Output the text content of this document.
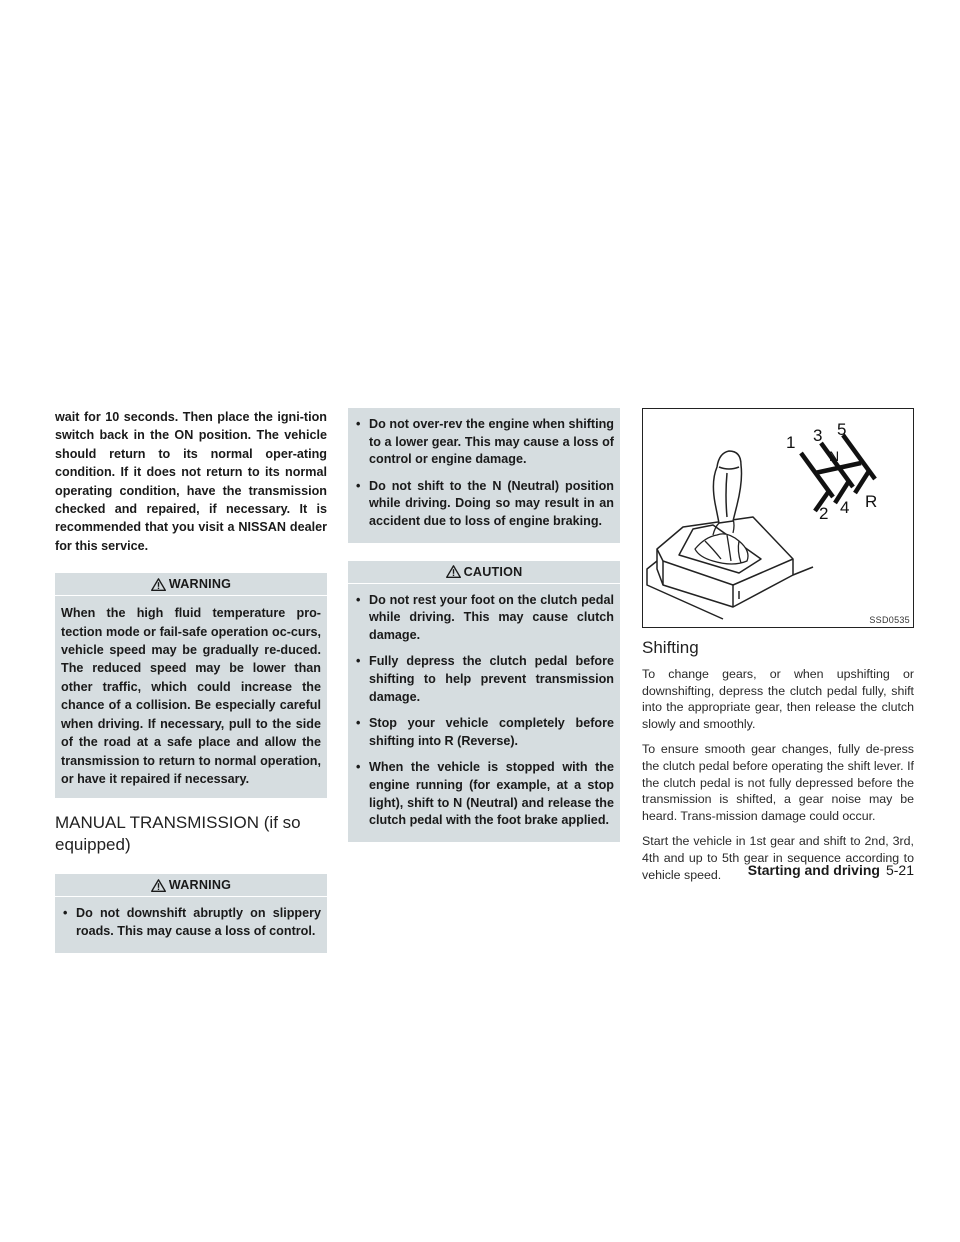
wait for 10 seconds. Then place the igni-tion switch back in the ON position. The vehicle should return to its normal oper-ating condition. If it does not return to its normal operating condition, have the transmission checked and repaired, if necessary. It is recommended that you visit a NISSAN dealer for this service.

WARNING

When the high fluid temperature pro-tection mode or fail-safe operation oc-curs, vehicle speed may be gradually re-duced. The reduced speed may be lower than other traffic, which could increase the chance of a collision. Be especially careful when driving. If necessary, pull to the side of the road at a safe place and allow the transmission to return to normal operation, or have it repaired if necessary.

MANUAL TRANSMISSION (if so equipped)
WARNING
• Do not downshift abruptly on slippery roads. This may cause a loss of control.
• Do not over-rev the engine when shifting to a lower gear. This may cause a loss of control or engine damage.
• Do not shift to the N (Neutral) position while driving. Doing so may result in an accident due to loss of engine braking.
CAUTION
• Do not rest your foot on the clutch pedal while driving. This may cause clutch damage.
• Fully depress the clutch pedal before shifting to help prevent transmission damage.
• Stop your vehicle completely before shifting into R (Reverse).
• When the vehicle is stopped with the engine running (for example, at a stop light), shift to N (Neutral) and release the clutch pedal with the foot brake applied.
1
2
3
4
5
N
R
SSD0535
Shifting

To change gears, or when upshifting or downshifting, depress the clutch pedal fully, shift into the appropriate gear, then release the clutch slowly and smoothly.

To ensure smooth gear changes, fully de-press the clutch pedal before operating the shift lever. If the clutch pedal is not fully depressed before the transmission is shifted, a gear noise may be heard. Trans-mission damage could occur.

Start the vehicle in 1st gear and shift to 2nd, 3rd, 4th and up to 5th gear in sequence according to vehicle speed.	Starting and driving 5-21
